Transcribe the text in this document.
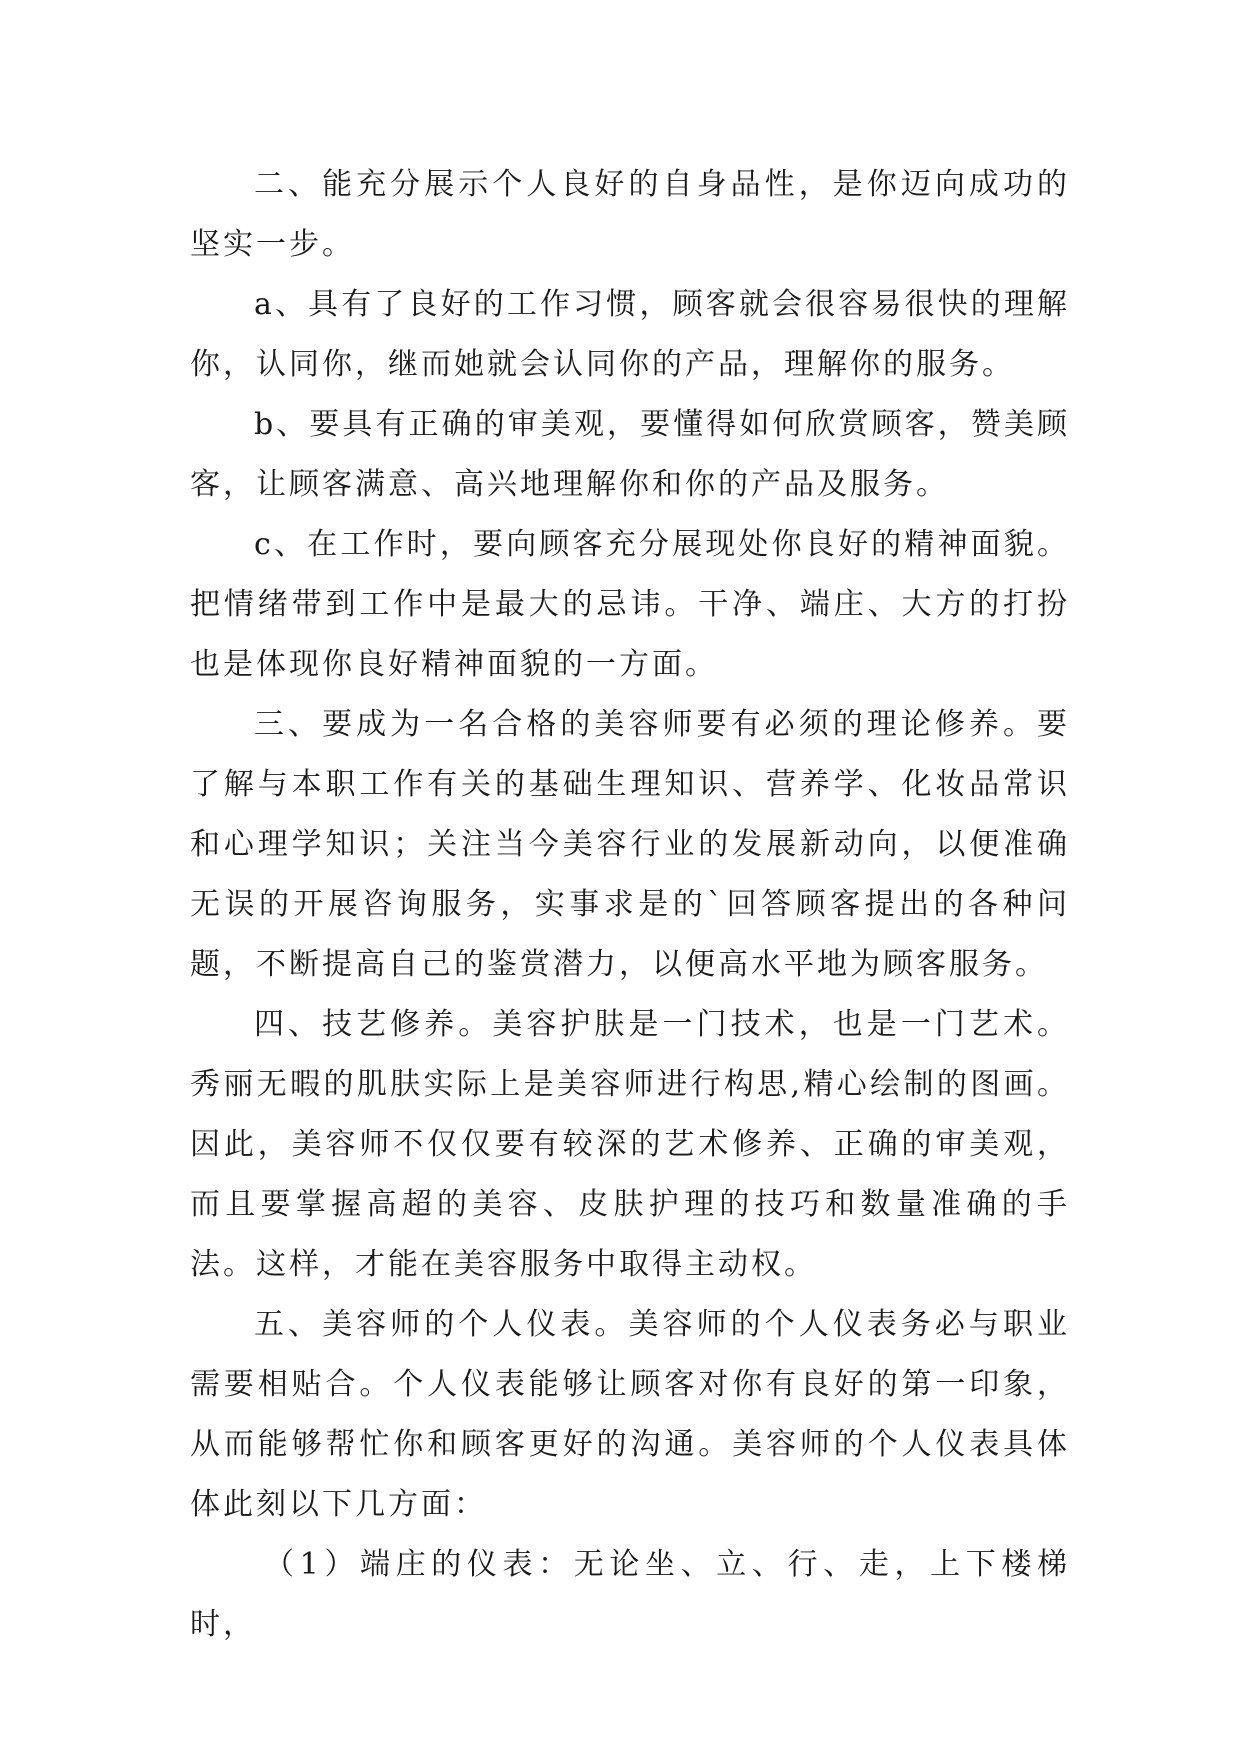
二、能充分展示个人良好的自身品性，是你迈向成功的坚实一步。

a、具有了良好的工作习惯，顾客就会很容易很快的理解你，认同你，继而她就会认同你的产品，理解你的服务。

b、要具有正确的审美观，要懂得如何欣赏顾客，赞美顾客，让顾客满意、高兴地理解你和你的产品及服务。

c、在工作时，要向顾客充分展现处你良好的精神面貌。把情绪带到工作中是最大的忌讳。干净、端庄、大方的打扮也是体现你良好精神面貌的一方面。

三、要成为一名合格的美容师要有必须的理论修养。要了解与本职工作有关的基础生理知识、营养学、化妆品常识和心理学知识；关注当今美容行业的发展新动向，以便准确无误的开展咨询服务，实事求是的`回答顾客提出的各种问题，不断提高自己的鉴赏潜力，以便高水平地为顾客服务。

四、技艺修养。美容护肤是一门技术，也是一门艺术。秀丽无暇的肌肤实际上是美容师进行构思,精心绘制的图画。因此，美容师不仅仅要有较深的艺术修养、正确的审美观，而且要掌握高超的美容、皮肤护理的技巧和数量准确的手法。这样，才能在美容服务中取得主动权。

五、美容师的个人仪表。美容师的个人仪表务必与职业需要相贴合。个人仪表能够让顾客对你有良好的第一印象，从而能够帮忙你和顾客更好的沟通。美容师的个人仪表具体体此刻以下几方面：

（1）端庄的仪表：无论坐、立、行、走，上下楼梯时，
